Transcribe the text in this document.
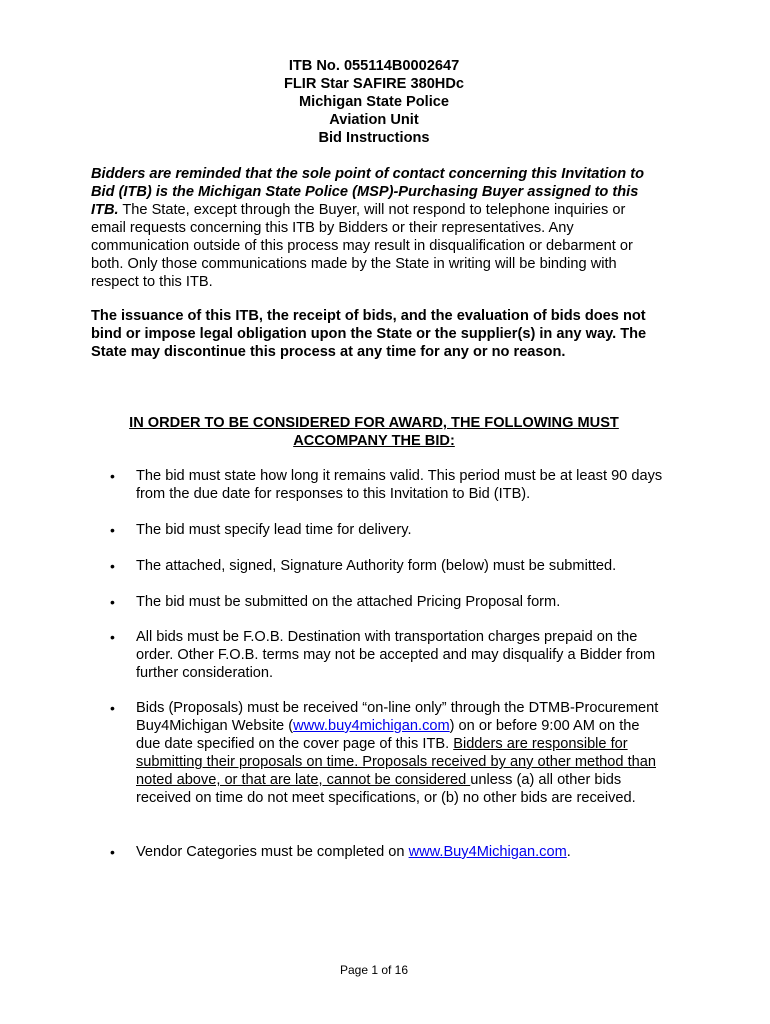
ITB No. 055114B0002647
FLIR Star SAFIRE 380HDc
Michigan State Police
Aviation Unit
Bid Instructions
Bidders are reminded that the sole point of contact concerning this Invitation to Bid (ITB) is the Michigan State Police (MSP)-Purchasing Buyer assigned to this ITB. The State, except through the Buyer, will not respond to telephone inquiries or email requests concerning this ITB by Bidders or their representatives. Any communication outside of this process may result in disqualification or debarment or both. Only those communications made by the State in writing will be binding with respect to this ITB.
The issuance of this ITB, the receipt of bids, and the evaluation of bids does not bind or impose legal obligation upon the State or the supplier(s) in any way. The State may discontinue this process at any time for any or no reason.
IN ORDER TO BE CONSIDERED FOR AWARD, THE FOLLOWING MUST ACCOMPANY THE BID:
• The bid must state how long it remains valid. This period must be at least 90 days from the due date for responses to this Invitation to Bid (ITB).
• The bid must specify lead time for delivery.
• The attached, signed, Signature Authority form (below) must be submitted.
• The bid must be submitted on the attached Pricing Proposal form.
• All bids must be F.O.B. Destination with transportation charges prepaid on the order. Other F.O.B. terms may not be accepted and may disqualify a Bidder from further consideration.
• Bids (Proposals) must be received “on-line only” through the DTMB-Procurement Buy4Michigan Website (www.buy4michigan.com) on or before 9:00 AM on the due date specified on the cover page of this ITB. Bidders are responsible for submitting their proposals on time. Proposals received by any other method than noted above, or that are late, cannot be considered unless (a) all other bids received on time do not meet specifications, or (b) no other bids are received.
• Vendor Categories must be completed on www.Buy4Michigan.com.
Page 1 of 16
